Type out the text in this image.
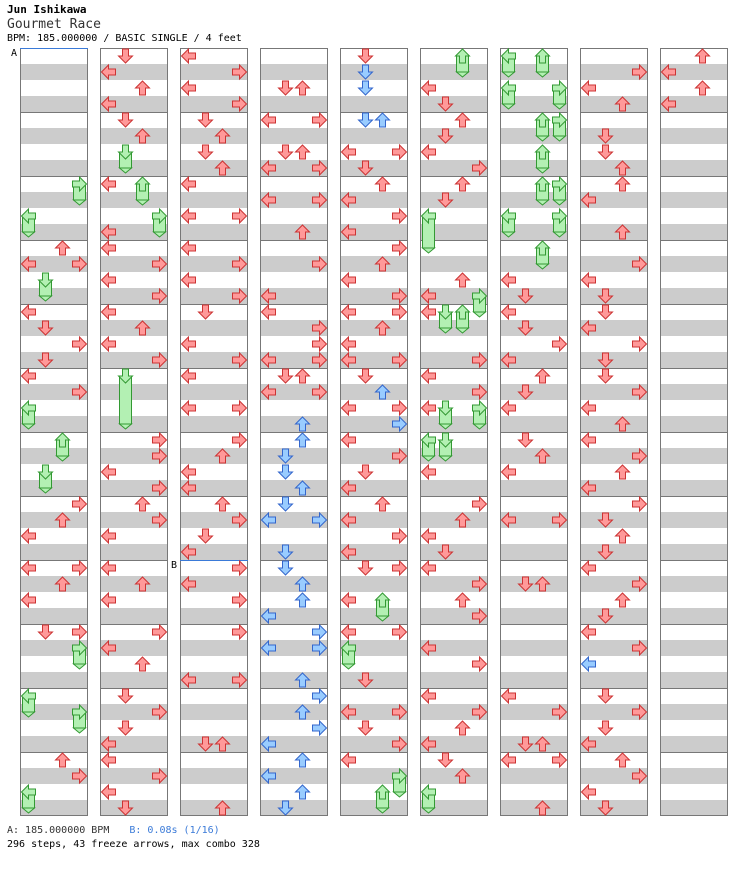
Jun Ishikawa
Gourmet Race
BPM: 185.000000 / BASIC SINGLE / 4 feet
A
B
A: 185.000000 BPM B: 0.08s (1/16)
296 steps, 43 freeze arrows, max combo 328
